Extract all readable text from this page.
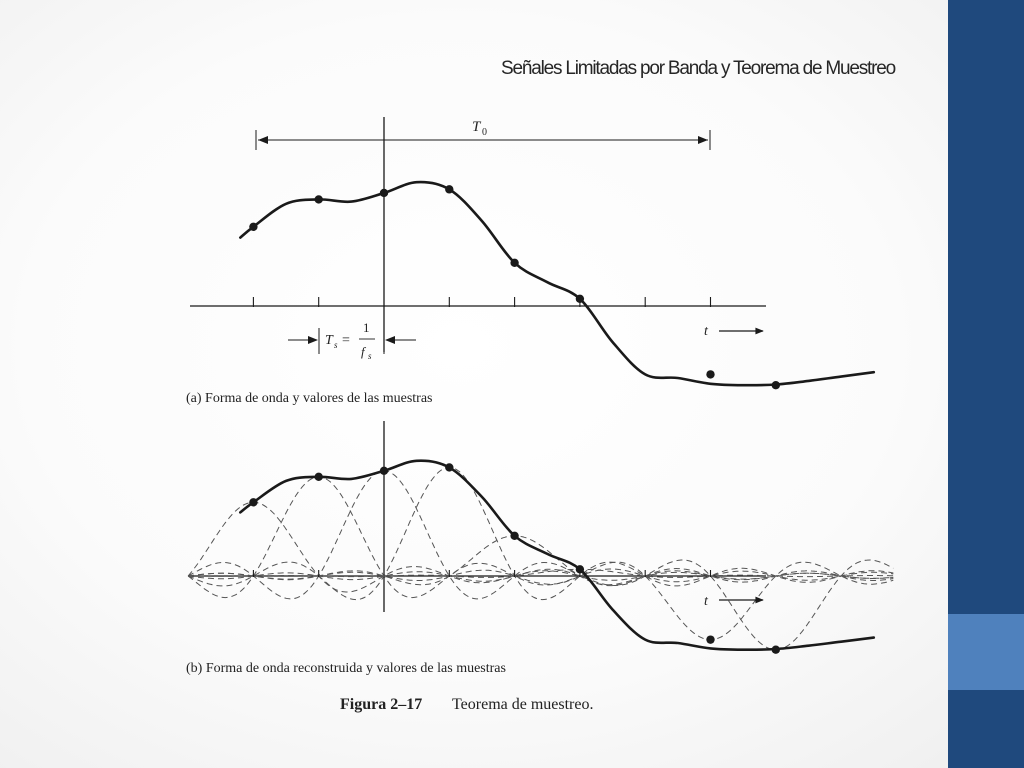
Señales Limitadas por Banda y Teorema de Muestreo
T 0
T s =
1
f s
t
(a) Forma de onda y valores de las muestras
t
(b) Forma de onda reconstruida y valores de las muestras
Figura 2–17 Teorema de muestreo.
